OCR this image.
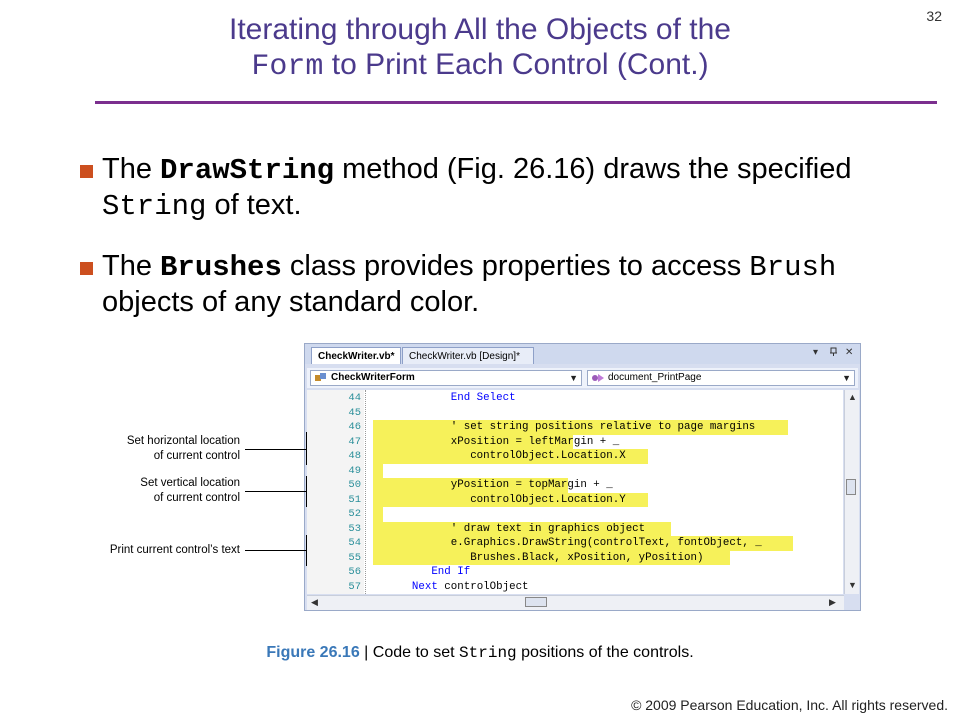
Iterating through All the Objects of the
Form to Print Each Control (Cont.)
32
The DrawString method (Fig. 26.16) draws the specified String of text.
The Brushes class provides properties to access Brush objects of any standard color.
CheckWriter.vb*	CheckWriter.vb [Design]*	▾	✕
CheckWriterForm	▼	document_PrintPage	▼
44	End Select
45
46 ' set string positions relative to page margins
47 xPosition = leftMargin + _
48 controlObject.Location.X
49
50 yPosition = topMargin + _
51 controlObject.Location.Y
52
53 ' draw text in graphics object
54 e.Graphics.DrawString(controlText, fontObject, _
55 Brushes.Black, xPosition, yPosition)
56	End If
57	Next controlObject
▲
▼
◀	▶
Set horizontal location
of current control
Set vertical location
of current control
Print current control’s text
Figure 26.16 | Code to set String positions of the controls.
© 2009 Pearson Education, Inc. All rights reserved.
